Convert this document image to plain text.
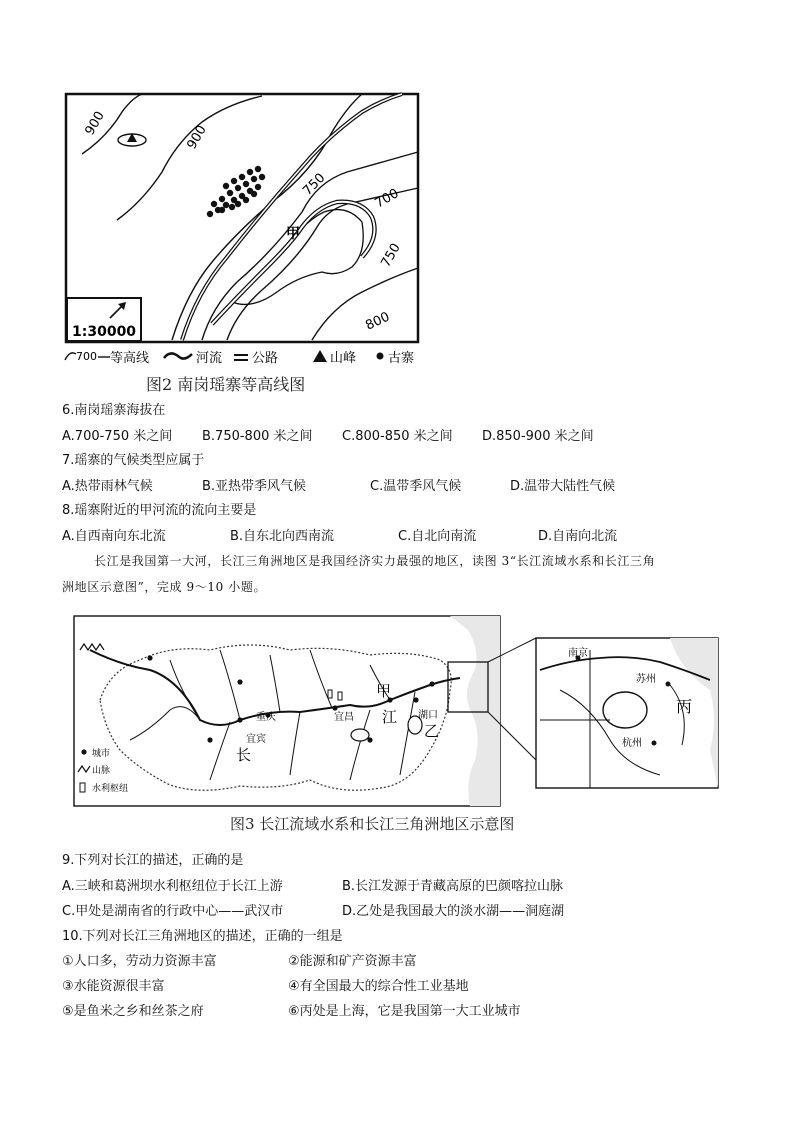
900	900
750	700
750
800
甲
1:30000
700 等高线	河流 公路	山峰 古寨
图2 南岗瑶寨等高线图
6.南岗瑶寨海拔在
A.700-750 米之间 B.750-800 米之间 C.800-850 米之间 D.850-900 米之间
7.瑶寨的气候类型应属于
A.热带雨林气候	B.亚热带季风气候	C.温带季风气候	D.温带大陆性气候
8.瑶寨附近的甲河流的流向主要是
A.自西南向东北流	B.自东北向西南流	C.自北向南流	D.自南向北流
长江是我国第一大河，长江三角洲地区是我国经济实力最强的地区，读图 3“长江流域水系和长江三角
洲地区示意图”，完成 9～10 小题。
重庆
宜宾
宜昌	湖口
甲
江
乙
长
城市
山脉
水利枢纽
南京
苏州
杭州
丙
图3 长江流域水系和长江三角洲地区示意图
9.下列对长江的描述，正确的是
A.三峡和葛洲坝水利枢纽位于长江上游	B.长江发源于青藏高原的巴颜喀拉山脉
C.甲处是湖南省的行政中心——武汉市	D.乙处是我国最大的淡水湖——洞庭湖
10.下列对长江三角洲地区的描述，正确的一组是
①人口多，劳动力资源丰富	②能源和矿产资源丰富
③水能资源很丰富	④有全国最大的综合性工业基地
⑤是鱼米之乡和丝茶之府	⑥丙处是上海，它是我国第一大工业城市
